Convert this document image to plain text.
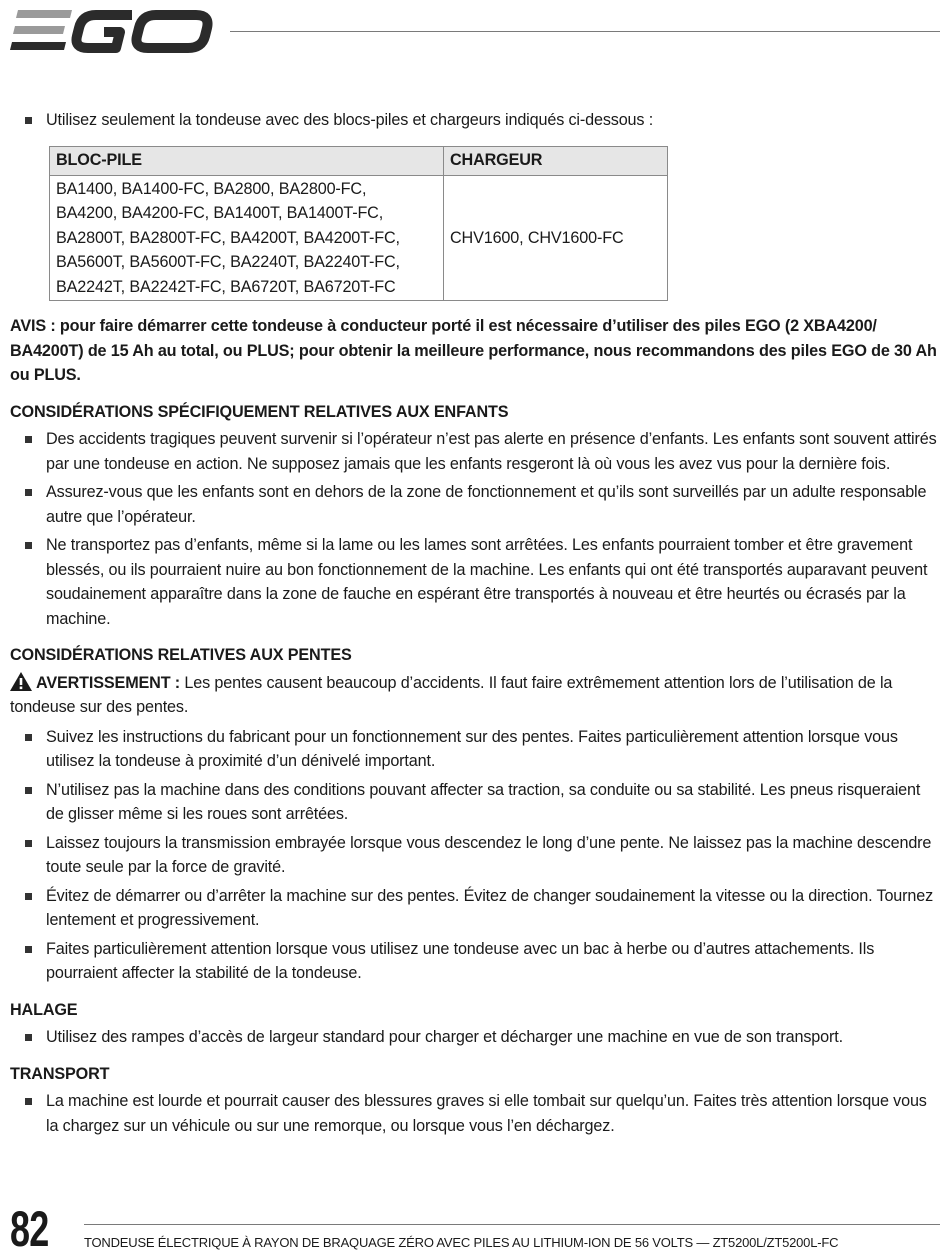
Utilisez seulement la tondeuse avec des blocs-piles et chargeurs indiqués ci-dessous :

BLOC-PILE	CHARGEUR

BA1400, BA1400-FC, BA2800, BA2800-FC,
BA4200, BA4200-FC, BA1400T, BA1400T-FC,
BA2800T, BA2800T-FC, BA4200T, BA4200T-FC,
BA5600T, BA5600T-FC, BA2240T, BA2240T-FC,
BA2242T, BA2242T-FC, BA6720T, BA6720T-FC	CHV1600, CHV1600-FC

AVIS : pour faire démarrer cette tondeuse à conducteur porté il est nécessaire d’utiliser des piles EGO (2 XBA4200/ BA4200T) de 15 Ah au total, ou PLUS; pour obtenir la meilleure performance, nous recommandons des piles EGO de 30 Ah ou PLUS.

CONSIDÉRATIONS SPÉCIFIQUEMENT RELATIVES AUX ENFANTS

Des accidents tragiques peuvent survenir si l’opérateur n’est pas alerte en présence d’enfants. Les enfants sont souvent attirés par une tondeuse en action. Ne supposez jamais que les enfants resgeront là où vous les avez vus pour la dernière fois.

Assurez-vous que les enfants sont en dehors de la zone de fonctionnement et qu’ils sont surveillés par un adulte responsable autre que l’opérateur.

Ne transportez pas d’enfants, même si la lame ou les lames sont arrêtées. Les enfants pourraient tomber et être gravement blessés, ou ils pourraient nuire au bon fonctionnement de la machine. Les enfants qui ont été transportés auparavant peuvent soudainement apparaître dans la zone de fauche en espérant être transportés à nouveau et être heurtés ou écrasés par la machine.

CONSIDÉRATIONS RELATIVES AUX PENTES

AVERTISSEMENT : Les pentes causent beaucoup d’accidents. Il faut faire extrêmement attention lors de l’utilisation de la tondeuse sur des pentes.

Suivez les instructions du fabricant pour un fonctionnement sur des pentes. Faites particulièrement attention lorsque vous utilisez la tondeuse à proximité d’un dénivelé important.

N’utilisez pas la machine dans des conditions pouvant affecter sa traction, sa conduite ou sa stabilité. Les pneus risqueraient de glisser même si les roues sont arrêtées.

Laissez toujours la transmission embrayée lorsque vous descendez le long d’une pente. Ne laissez pas la machine descendre toute seule par la force de gravité.

Évitez de démarrer ou d’arrêter la machine sur des pentes. Évitez de changer soudainement la vitesse ou la direction. Tournez lentement et progressivement.

Faites particulièrement attention lorsque vous utilisez une tondeuse avec un bac à herbe ou d’autres attachements. Ils pourraient affecter la stabilité de la tondeuse.

HALAGE

Utilisez des rampes d’accès de largeur standard pour charger et décharger une machine en vue de son transport.

TRANSPORT

La machine est lourde et pourrait causer des blessures graves si elle tombait sur quelqu’un. Faites très attention lorsque vous la chargez sur un véhicule ou sur une remorque, ou lorsque vous l’en déchargez.

82	TONDEUSE ÉLECTRIQUE À RAYON DE BRAQUAGE ZÉRO AVEC PILES AU LITHIUM-ION DE 56 VOLTS — ZT5200L/ZT5200L-FC
